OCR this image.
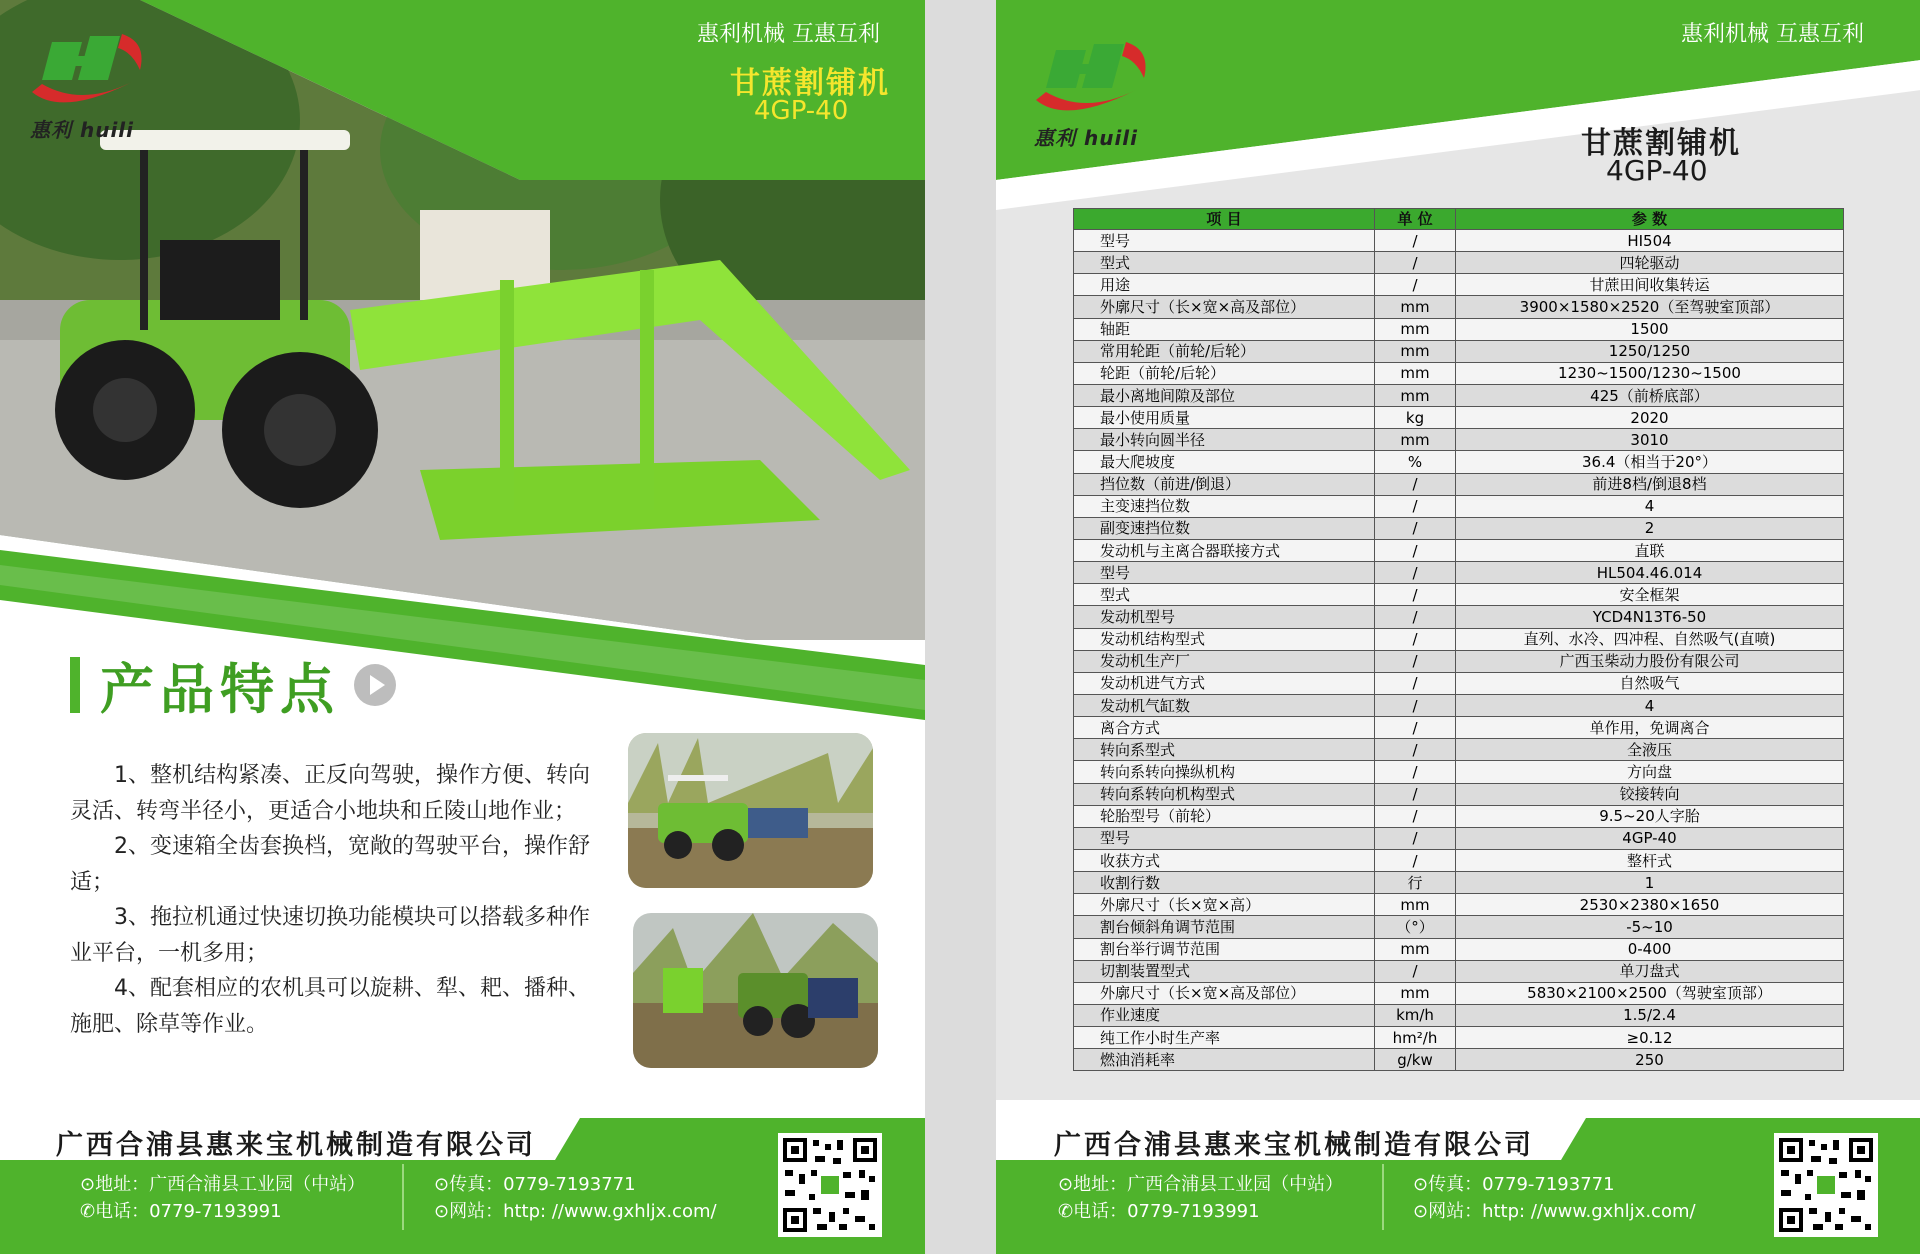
惠利 huili
惠利机械 互惠互利
甘蔗割铺机
4GP-40
产品特点

1、整机结构紧凑、正反向驾驶，操作方便、转向灵活、转弯半径小，更适合小地块和丘陵山地作业；

2、变速箱全齿套换档，宽敞的驾驶平台，操作舒适；

3、拖拉机通过快速切换功能模块可以搭载多种作业平台，一机多用；

4、配套相应的农机具可以旋耕、犁、耙、播种、施肥、除草等作业。

广西合浦县惠来宝机械制造有限公司
⊙地址：广西合浦县工业园（中站）
✆电话：0779-7193991
⊙传真：0779-7193771
⊙网站：http: //www.gxhljx.com/
惠利 huili
惠利机械 互惠互利
甘蔗割铺机
4GP-40
项 目	单 位	参 数
型号	/	HI504
型式	/	四轮驱动
用途	/	甘蔗田间收集转运
外廓尺寸（长×宽×高及部位）	mm	3900×1580×2520（至驾驶室顶部）
轴距	mm	1500
常用轮距（前轮/后轮）	mm	1250/1250
轮距（前轮/后轮）	mm	1230~1500/1230~1500
最小离地间隙及部位	mm	425（前桥底部）
最小使用质量	kg	2020
最小转向圆半径	mm	3010
最大爬坡度	%	36.4（相当于20°）
挡位数（前进/倒退）	/	前进8档/倒退8档
主变速挡位数	/	4
副变速挡位数	/	2
发动机与主离合器联接方式	/	直联
型号	/	HL504.46.014
型式	/	安全框架
发动机型号	/	YCD4N13T6-50
发动机结构型式	/	直列、水冷、四冲程、自然吸气(直喷)
发动机生产厂	/	广西玉柴动力股份有限公司
发动机进气方式	/	自然吸气
发动机气缸数	/	4
离合方式	/	单作用，免调离合
转向系型式	/	全液压
转向系转向操纵机构	/	方向盘
转向系转向机构型式	/	铰接转向
轮胎型号（前轮）	/	9.5~20人字胎
型号	/	4GP-40
收获方式	/	整杆式
收割行数	行	1
外廓尺寸（长×宽×高）	mm	2530×2380×1650
割台倾斜角调节范围	（°）	-5~10
割台举行调节范围	mm	0-400
切割装置型式	/	单刀盘式
外廓尺寸（长×宽×高及部位）	mm	5830×2100×2500（驾驶室顶部）
作业速度	km/h	1.5/2.4
纯工作小时生产率	hm²/h	≥0.12
燃油消耗率	g/kw	250
广西合浦县惠来宝机械制造有限公司
⊙地址：广西合浦县工业园（中站）
✆电话：0779-7193991
⊙传真：0779-7193771
⊙网站：http: //www.gxhljx.com/
